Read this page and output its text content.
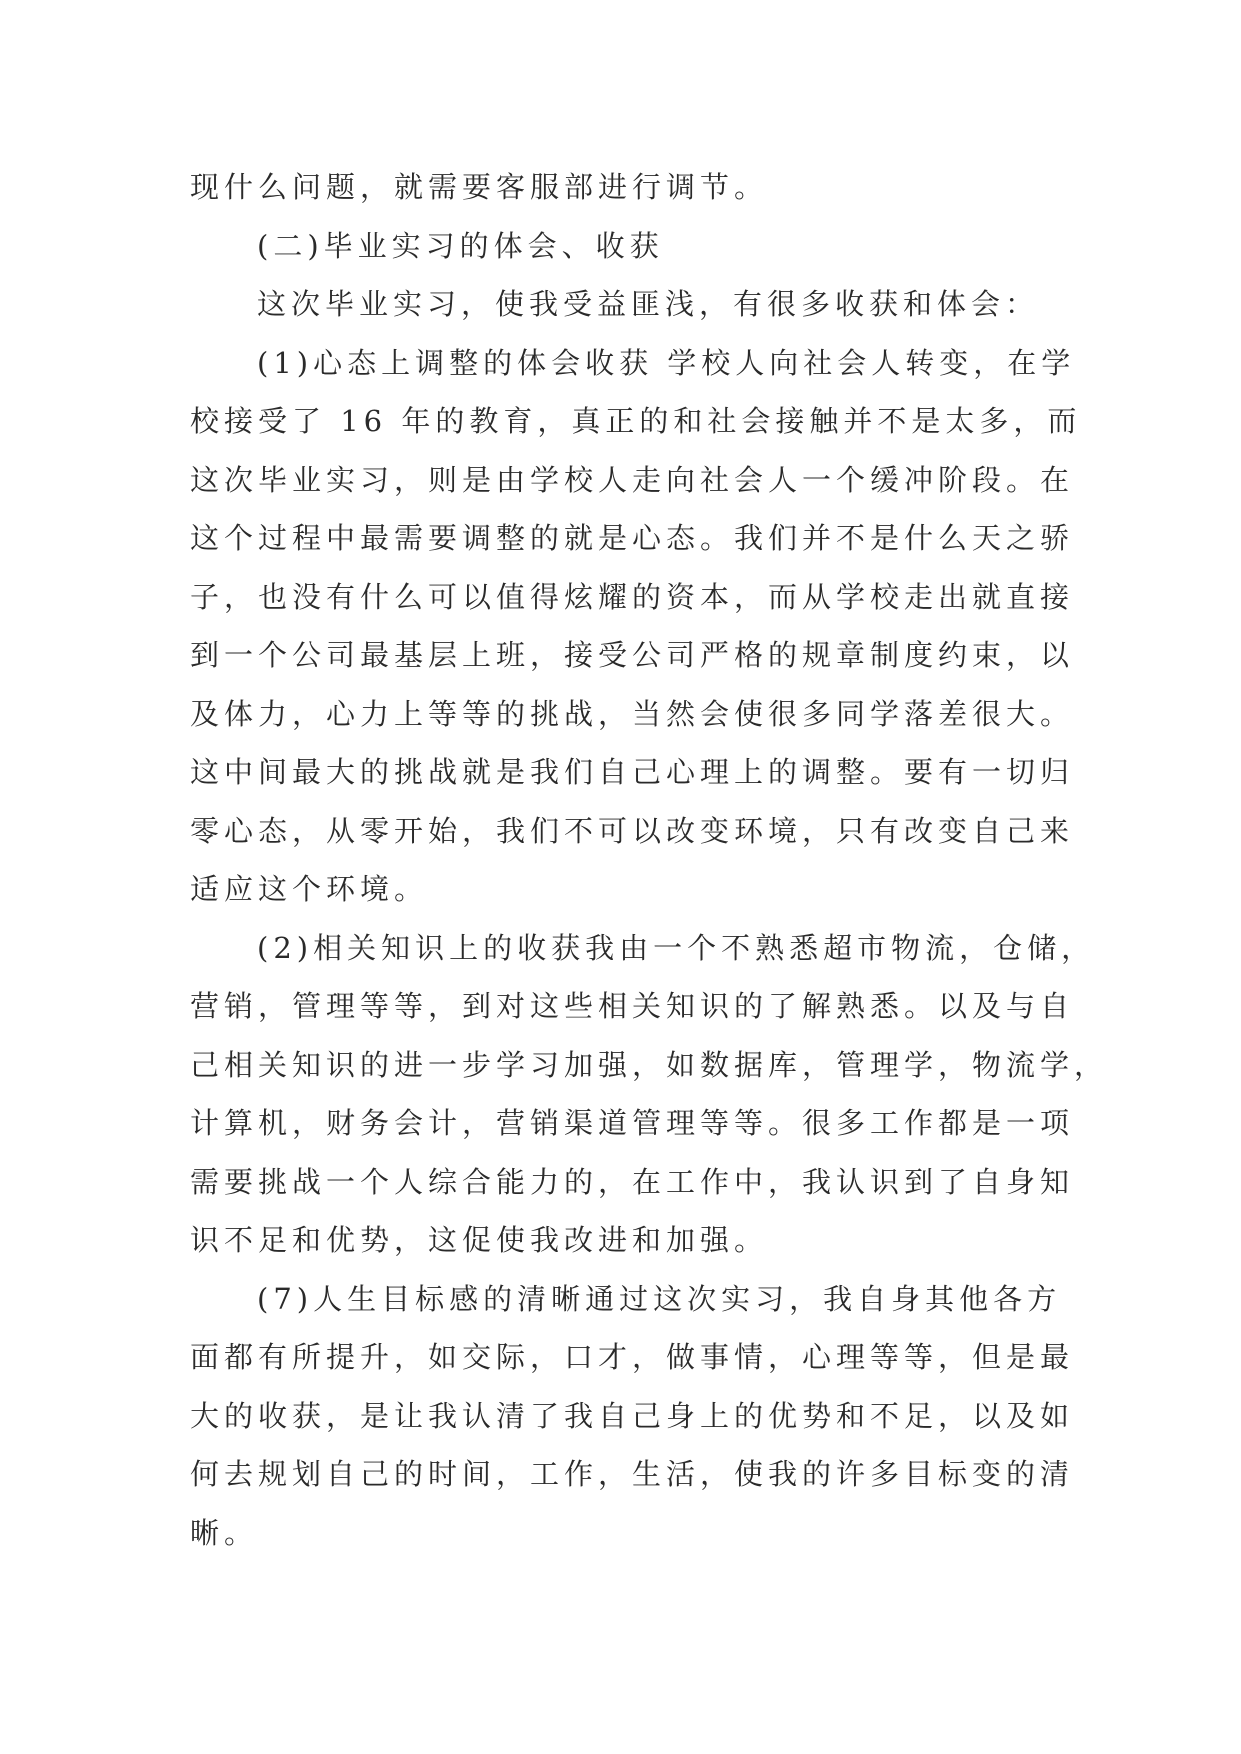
现什么问题，就需要客服部进行调节。
(二)毕业实习的体会、收获
这次毕业实习，使我受益匪浅，有很多收获和体会：
(1)心态上调整的体会收获 学校人向社会人转变，在学
校接受了 16 年的教育，真正的和社会接触并不是太多，而
这次毕业实习，则是由学校人走向社会人一个缓冲阶段。在
这个过程中最需要调整的就是心态。我们并不是什么天之骄
子，也没有什么可以值得炫耀的资本，而从学校走出就直接
到一个公司最基层上班，接受公司严格的规章制度约束，以
及体力，心力上等等的挑战，当然会使很多同学落差很大。
这中间最大的挑战就是我们自己心理上的调整。要有一切归
零心态，从零开始，我们不可以改变环境，只有改变自己来
适应这个环境。
(2)相关知识上的收获我由一个不熟悉超市物流，仓储，
营销，管理等等，到对这些相关知识的了解熟悉。以及与自
己相关知识的进一步学习加强，如数据库，管理学，物流学，
计算机，财务会计，营销渠道管理等等。很多工作都是一项
需要挑战一个人综合能力的，在工作中，我认识到了自身知
识不足和优势，这促使我改进和加强。
(7)人生目标感的清晰通过这次实习，我自身其他各方
面都有所提升，如交际，口才，做事情，心理等等，但是最
大的收获，是让我认清了我自己身上的优势和不足，以及如
何去规划自己的时间，工作，生活，使我的许多目标变的清
晰。
